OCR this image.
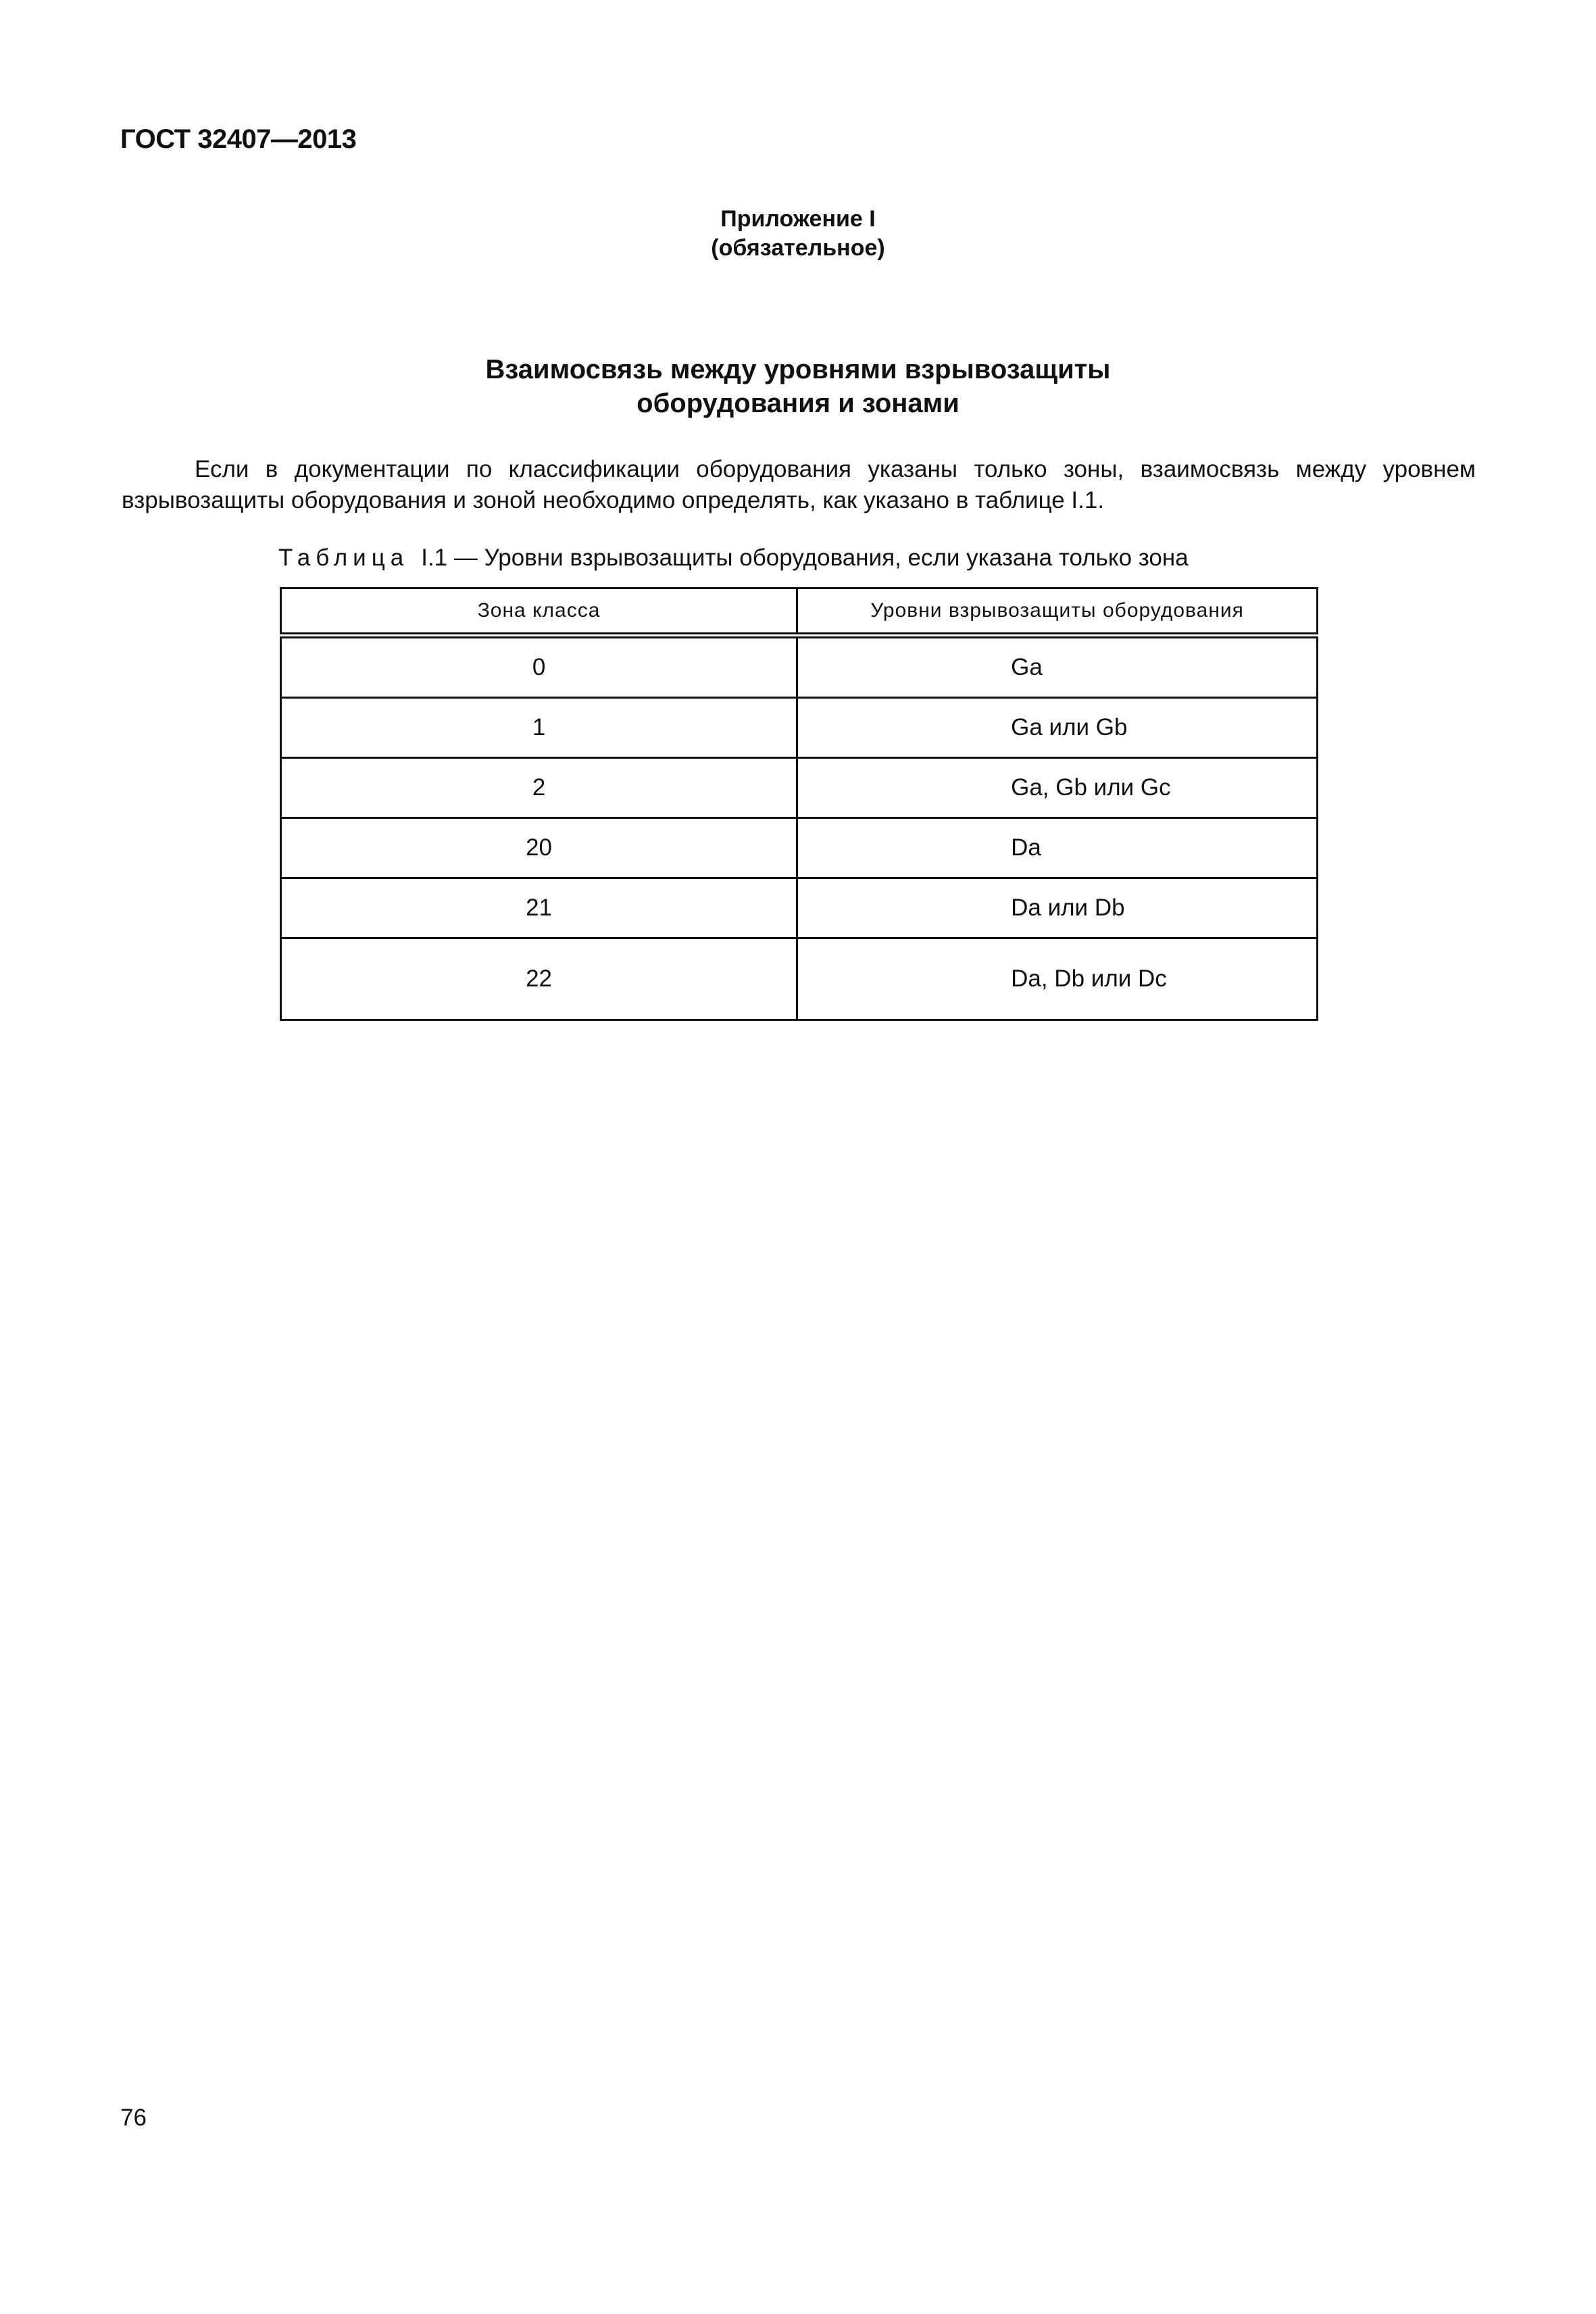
ГОСТ 32407—2013
Приложение I
(обязательное)
Взаимосвязь между уровнями взрывозащиты
оборудования и зонами
Если в документации по классификации оборудования указаны только зоны, взаимосвязь между уровнем взрывозащиты оборудования и зоной необходимо определять, как указано в таблице I.1.
Таблица I.1 — Уровни взрывозащиты оборудования, если указана только зона
Зона класса	Уровни взрывозащиты оборудования
0	Ga
1	Ga или Gb
2	Ga, Gb или Gc
20	Da
21	Da или Db
22	Da, Db или Dc
76
